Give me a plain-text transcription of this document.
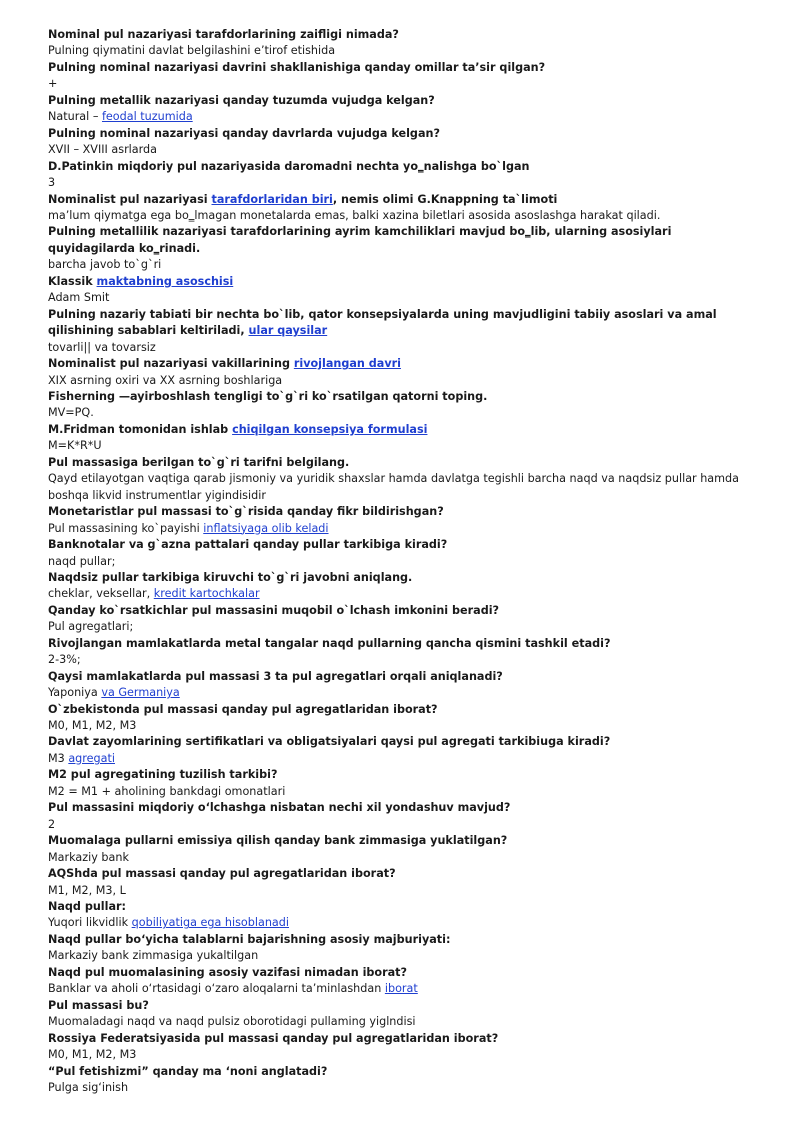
Nominal pul nazariyasi tarafdorlarining zaifligi nimada?
Pulning qiymatini davlat belgilashini e’tirof etishida
Pulning nominal nazariyasi davrini shakllanishiga qanday omillar ta’sir qilgan?
+
Pulning metallik nazariyasi qanday tuzumda vujudga kelgan?
Natural – feodal tuzumida
Pulning nominal nazariyasi qanday davrlarda vujudga kelgan?
XVII – XVIII asrlarda
D.Patinkin miqdoriy pul nazariyasida daromadni nechta yo‗nalishga bo`lgan
3
Nominalist pul nazariyasi tarafdorlaridan biri, nemis olimi G.Knappning ta`limoti
ma’lum qiymatga ega bo‗lmagan monetalarda emas, balki xazina biletlari asosida asoslashga harakat qiladi.
Pulning metallilik nazariyasi tarafdorlarining ayrim kamchiliklari mavjud bo‗lib, ularning asosiylari quyidagilarda ko‗rinadi.
barcha javob to`g`ri
Klassik maktabning asoschisi
Adam Smit
Pulning nazariy tabiati bir nechta bo`lib, qator konsepsiyalarda uning mavjudligini tabiiy asoslari va amal qilishining sabablari keltiriladi, ular qaysilar
tovarli|| va tovarsiz
Nominalist pul nazariyasi vakillarining rivojlangan davri
XIX asrning oxiri va XX asrning boshlariga
Fisherning —ayirboshlash tengligi to`g`ri ko`rsatilgan qatorni toping.
MV=PQ.
M.Fridman tomonidan ishlab chiqilgan konsepsiya formulasi
M=K*R*U
Pul massasiga berilgan to`g`ri tarifni belgilang.
Qayd etilayotgan vaqtiga qarab jismoniy va yuridik shaxslar hamda davlatga tegishli barcha naqd va naqdsiz pullar hamda boshqa likvid instrumentlar yigindisidir
Monetaristlar pul massasi to`g`risida qanday fikr bildirishgan?
Pul massasining ko`payishi inflatsiyaga olib keladi
Banknotalar va g`azna pattalari qanday pullar tarkibiga kiradi?
naqd pullar;
Naqdsiz pullar tarkibiga kiruvchi to`g`ri javobni aniqlang.
cheklar, veksellar, kredit kartochkalar
Qanday ko`rsatkichlar pul massasini muqobil o`lchash imkonini beradi?
Pul agregatlari;
Rivojlangan mamlakatlarda metal tangalar naqd pullarning qancha qismini tashkil etadi?
2-3%;
Qaysi mamlakatlarda pul massasi 3 ta pul agregatlari orqali aniqlanadi?
Yaponiya va Germaniya
O`zbekistonda pul massasi qanday pul agregatlaridan iborat?
M0, M1, M2, M3
Davlat zayomlarining sertifikatlari va obligatsiyalari qaysi pul agregati tarkibiuga kiradi?
M3 agregati
M2 pul agregatining tuzilish tarkibi?
M2 = M1 + aholining bankdagi omonatlari
Pul massasini miqdoriy o‘lchashga nisbatan nechi xil yondashuv mavjud?
2
Muomalaga pullarni emissiya qilish qanday bank zimmasiga yuklatilgan?
Markaziy bank
AQShda pul massasi qanday pul agregatlaridan iborat?
M1, M2, M3, L
Naqd pullar:
Yuqori likvidlik qobiliyatiga ega hisoblanadi
Naqd pullar bo‘yicha talablarni bajarishning asosiy majburiyati:
Markaziy bank zimmasiga yukaltilgan
Naqd pul muomalasining asosiy vazifasi nimadan iborat?
Banklar va aholi o‘rtasidagi o‘zaro aloqalarni ta’minlashdan iborat
Pul massasi bu?
Muomaladagi naqd va naqd pulsiz oborotidagi pullaming yiglndisi
Rossiya Federatsiyasida pul massasi qanday pul agregatlaridan iborat?
M0, M1, M2, M3
“Pul fetishizmi” qanday ma ‘noni anglatadi?
Pulga sig‘inish
